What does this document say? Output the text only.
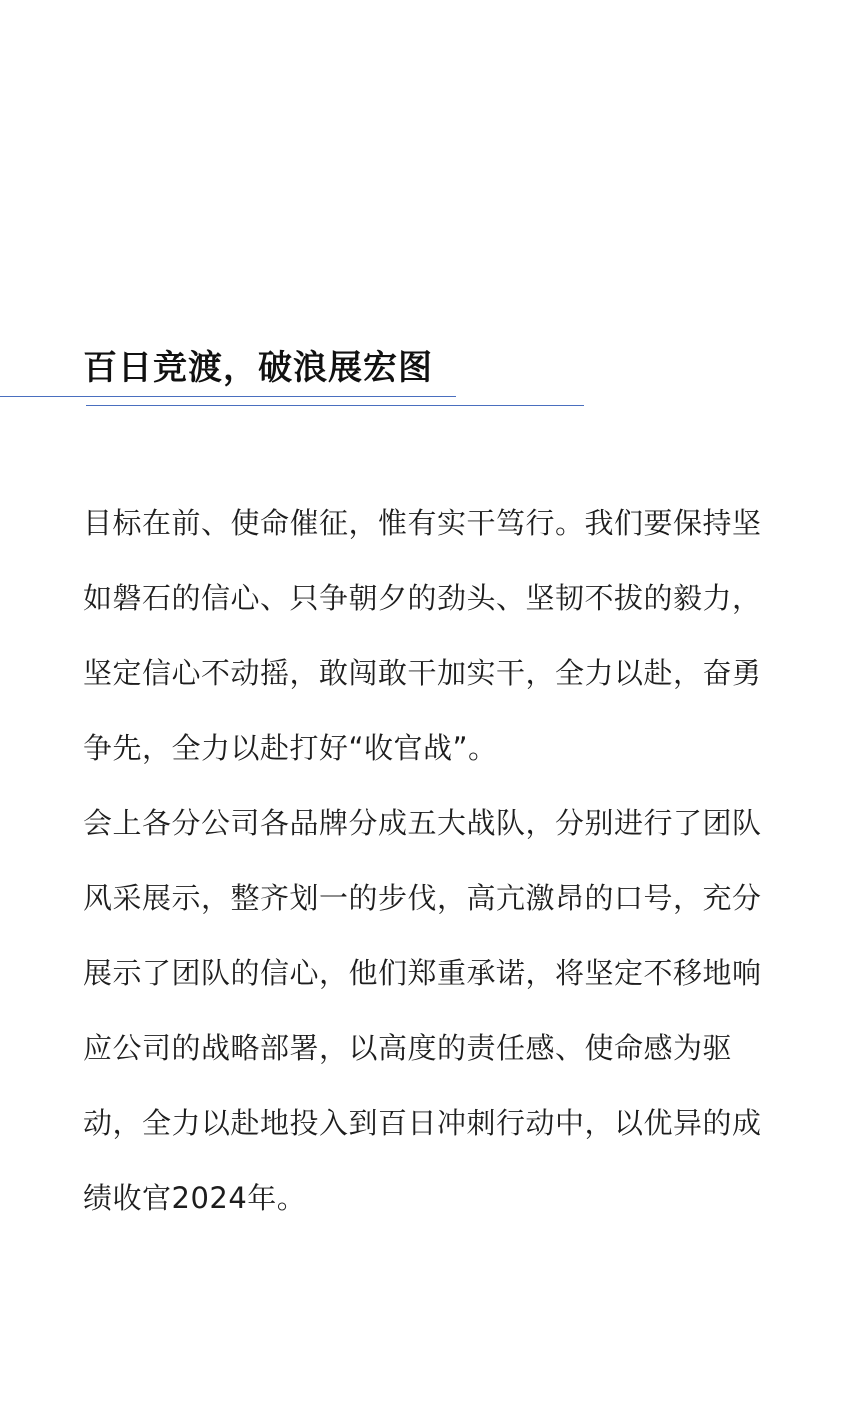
百日竞渡，破浪展宏图

目标在前、使命催征，惟有实干笃行。我们要保持坚如磐石的信心、只争朝夕的劲头、坚韧不拔的毅力，坚定信心不动摇，敢闯敢干加实干，全力以赴，奋勇争先，全力以赴打好“收官战”。

会上各分公司各品牌分成五大战队，分别进行了团队风采展示，整齐划一的步伐，高亢激昂的口号，充分展示了团队的信心，他们郑重承诺，将坚定不移地响应公司的战略部署，以高度的责任感、使命感为驱动，全力以赴地投入到百日冲刺行动中，以优异的成绩收官2024年。
